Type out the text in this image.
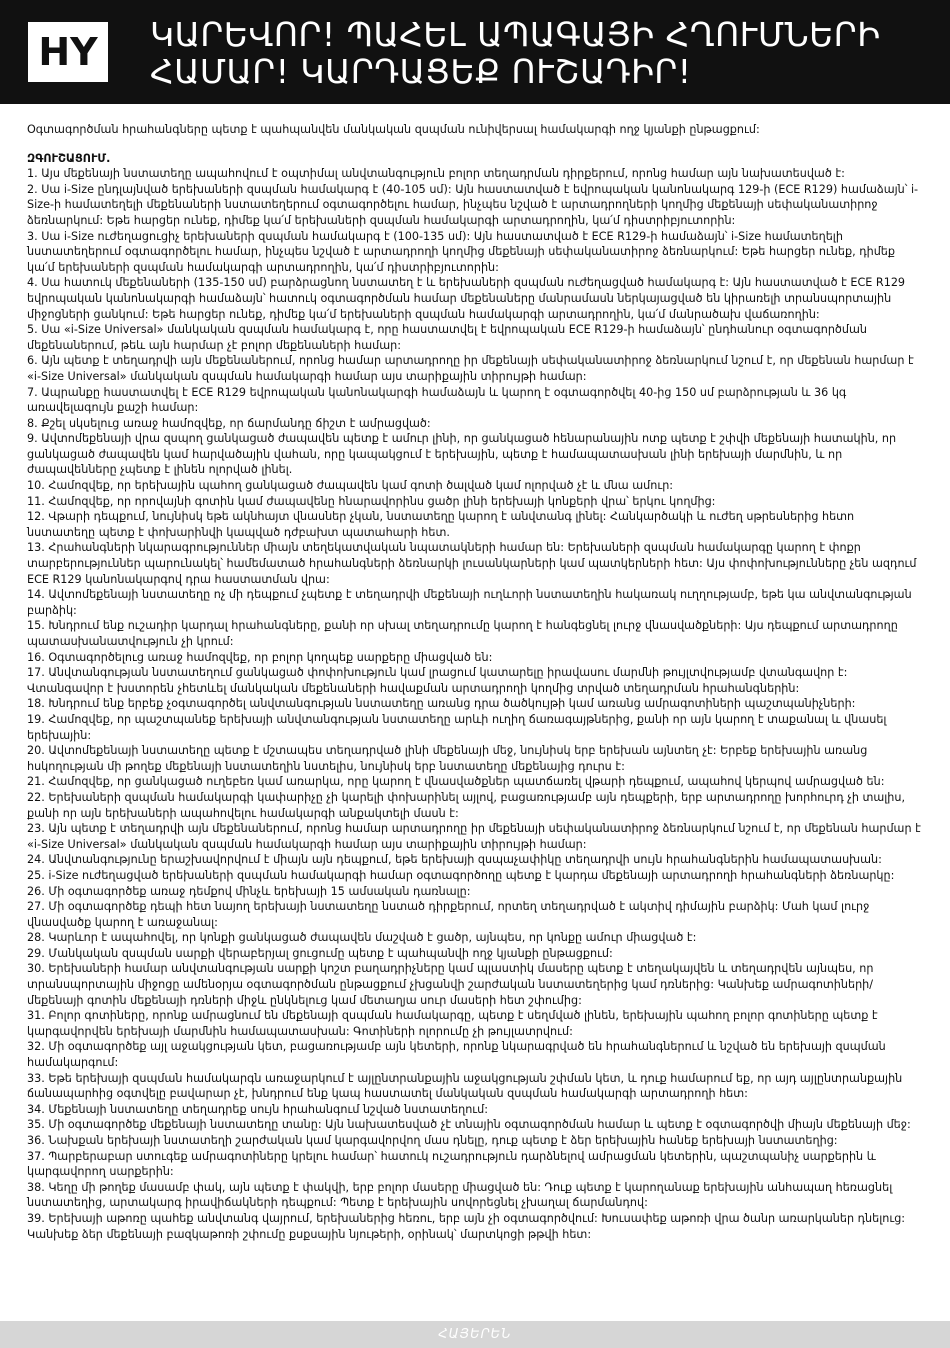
HY	ԿԱՐԵՎՈՐ! ՊԱՀԵԼ ԱՊԱԳԱՅԻ ՀՂՈՒՄՆԵՐԻ
ՀԱՄԱՐ! ԿԱՐԴԱՑԵՔ ՈՒՇԱԴԻՐ!

Օգտագործման հրահանգները պետք է պահպանվեն մանկական զսպման ունիվերսալ համակարգի ողջ կյանքի ընթացքում:

ԶԳՈՒՇԱՑՈՒՄ.

1. Այս մեքենայի նստատեղը ապահովում է օպտիմալ անվտանգություն բոլոր տեղադրման դիրքերում, որոնց համար այն նախատեսված է:
2. Սա i-Size ընդլայնված երեխաների զսպման համակարգ է (40-105 սմ): Այն հաստատված է եվրոպական կանոնակարգ 129-ի (ECE R129) համաձայն՝ i-Size-ի համատեղելի մեքենաների նստատեղերում օգտագործելու համար, ինչպես նշված է արտադրողների կողմից մեքենայի սեփականատիրոջ ձեռնարկում: Եթե հարցեր ունեք, դիմեք կա՛մ երեխաների զսպման համակարգի արտադրողին, կա՛մ դիստրիբյուտորին:
3. Սա i-Size ուժեղացուցիչ երեխաների զսպման համակարգ է (100-135 սմ): Այն հաստատված է ECE R129-ի համաձայն՝ i-Size համատեղելի նստատեղերում օգտագործելու համար, ինչպես նշված է արտադրողի կողմից մեքենայի սեփականատիրոջ ձեռնարկում: Եթե հարցեր ունեք, դիմեք կա՛մ երեխաների զսպման համակարգի արտադրողին, կա՛մ դիստրիբյուտորին:
4. Սա հատուկ մեքենաների (135-150 սմ) բարձրացնող նստատեղ է և երեխաների զսպման ուժեղացված համակարգ է: Այն հաստատված է ECE R129 եվրոպական կանոնակարգի համաձայն՝ հատուկ օգտագործման համար մեքենաները մանրամասն ներկայացված են կիրառելի տրանսպորտային միջոցների ցանկում: Եթե հարցեր ունեք, դիմեք կա՛մ երեխաների զսպման համակարգի արտադրողին, կա՛մ մանրածախ վաճառողին:
5. Սա «i-Size Universal» մանկական զսպման համակարգ է, որը հաստատվել է եվրոպական ECE R129-ի համաձայն՝ ընդհանուր օգտագործման մեքենաներում, թեև այն հարմար չէ բոլոր մեքենաների համար:
6. Այն պետք է տեղադրվի այն մեքենաներում, որոնց համար արտադրողը իր մեքենայի սեփականատիրոջ ձեռնարկում նշում է, որ մեքենան հարմար է «i-Size Universal» մանկական զսպման համակարգի համար այս տարիքային տիրույթի համար:
7. Ապրանքը հաստատվել է ECE R129 եվրոպական կանոնակարգի համաձայն և կարող է օգտագործվել 40-ից 150 սմ բարձրության և 36 կգ առավելագույն քաշի համար:
8. Քշել սկսելուց առաջ համոզվեք, որ ճարմանդը ճիշտ է ամրացված:
9. Ավտոմեքենայի վրա զսպող ցանկացած ժապավեն պետք է ամուր լինի, որ ցանկացած հենարանային ոտք պետք է շփվի մեքենայի հատակին, որ ցանկացած ժապավեն կամ հարվածային վահան, որը կապակցում է երեխային, պետք է համապատասխան լինի երեխայի մարմնին, և որ ժապավենները չպետք է լինեն ոլորված լինել.
10. Համոզվեք, որ երեխային պահող ցանկացած ժապավեն կամ գոտի ծալված կամ ոլորված չէ և մնա ամուր:
11. Համոզվեք, որ որովայնի գոտին կամ ժապավենը հնարավորինս ցածր լինի երեխայի կոնքերի վրա՝ երկու կողմից:
12. Վթարի դեպքում, նույնիսկ եթե ակնհայտ վնասներ չկան, նստատեղը կարող է անվտանգ լինել: Հանկարծակի և ուժեղ սթրեսներից հետո նստատեղը պետք է փոխարինվի կապված դժբախտ պատահարի հետ.
13. Հրահանգների նկարագրություններ միայն տեղեկատվական նպատակների համար են: Երեխաների զսպման համակարգը կարող է փոքր տարբերություններ պարունակել՝ համեմատած հրահանգների ձեռնարկի լուսանկարների կամ պատկերների հետ: Այս փոփոխությունները չեն ազդում ECE R129 կանոնակարգով դրա հաստատման վրա:
14. Ավտոմեքենայի նստատեղը ոչ մի դեպքում չպետք է տեղադրվի մեքենայի ուղևորի նստատեղին հակառակ ուղղությամբ, եթե կա անվտանգության բարձիկ:
15. Խնդրում ենք ուշադիր կարդալ հրահանգները, քանի որ սխալ տեղադրումը կարող է հանգեցնել լուրջ վնասվածքների: Այս դեպքում արտադրողը պատասխանատվություն չի կրում:
16. Օգտագործելուց առաջ համոզվեք, որ բոլոր կողպեք սարքերը միացված են:
17. Անվտանգության նստատեղում ցանկացած փոփոխություն կամ լրացում կատարելը իրավասու մարմնի թույլտվությամբ վտանգավոր է: Վտանգավոր է խստորեն չհետևել մանկական մեքենաների հավաքման արտադրողի կողմից տրված տեղադրման հրահանգներին:
18. Խնդրում ենք երբեք չօգտագործել անվտանգության նստատեղը առանց դրա ծածկույթի կամ առանց ամրագոտիների պաշտպանիչների:
19. Համոզվեք, որ պաշտպանեք երեխայի անվտանգության նստատեղը արևի ուղիղ ճառագայթներից, քանի որ այն կարող է տաքանալ և վնասել երեխային:
20. Ավտոմեքենայի նստատեղը պետք է մշտապես տեղադրված լինի մեքենայի մեջ, նույնիսկ երբ երեխան այնտեղ չէ: Երբեք երեխային առանց հսկողության մի թողեք մեքենայի նստատեղին նստելիս, նույնիսկ երբ նստատեղը մեքենայից դուրս է:
21. Համոզվեք, որ ցանկացած ուղեբեռ կամ առարկա, որը կարող է վնասվածքներ պատճառել վթարի դեպքում, ապահով կերպով ամրացված են:
22. Երեխաների զսպման համակարգի կափարիչը չի կարելի փոխարինել այլով, բացառությամբ այն դեպքերի, երբ արտադրողը խորհուրդ չի տալիս, քանի որ այն երեխաների ապահովելու համակարգի անքակտելի մասն է:
23. Այն պետք է տեղադրվի այն մեքենաներում, որոնց համար արտադրողը իր մեքենայի սեփականատիրոջ ձեռնարկում նշում է, որ մեքենան հարմար է «i-Size Universal» մանկական զսպման համակարգի համար այս տարիքային տիրույթի համար:
24. Անվտանգությունը երաշխավորվում է միայն այն դեպքում, եթե երեխայի զսպաչափիկը տեղադրվի սույն հրահանգներին համապատասխան:
25. i-Size ուժեղացված երեխաների զսպման համակարգի համար օգտագործողը պետք է կարդա մեքենայի արտադրողի հրահանգների ձեռնարկը:
26. Մի օգտագործեք առաջ դեմքով մինչև երեխայի 15 ամսական դառնալը:
27. Մի օգտագործեք դեպի հետ նայող երեխայի նստատեղը նստած դիրքերում, որտեղ տեղադրված է ակտիվ դիմային բարձիկ: Մահ կամ լուրջ վնասվածք կարող է առաջանալ:
28. Կարևոր է ապահովել, որ կոնքի ցանկացած ժապավեն մաշված է ցածր, այնպես, որ կոնքը ամուր միացված է:
29. Մանկական զսպման սարքի վերաբերյալ ցուցումը պետք է պահպանվի ողջ կյանքի ընթացքում:
30. Երեխաների համար անվտանգության սարքի կոշտ բաղադրիչները կամ պլաստիկ մասերը պետք է տեղակայվեն և տեղադրվեն այնպես, որ տրանսպորտային միջոցը ամենօրյա օգտագործման ընթացքում չխցանվի շարժական նստատեղերից կամ դռներից: Կանխեք ամրագոտիների/մեքենայի գոտին մեքենայի դռների միջև ընկնելուց կամ մետաղյա սուր մասերի հետ շփումից:
31. Բոլոր գոտիները, որոնք ամրացնում են մեքենայի զսպման համակարգը, պետք է սեղմված լինեն, երեխային պահող բոլոր գոտիները պետք է կարգավորվեն երեխայի մարմնին համապատասխան: Գոտիների ոլորումը չի թույլատրվում:
32. Մի օգտագործեք այլ աջակցության կետ, բացառությամբ այն կետերի, որոնք նկարագրված են հրահանգներում և նշված են երեխայի զսպման համակարգում:
33. Եթե երեխայի զսպման համակարգն առաջարկում է այլընտրանքային աջակցության շփման կետ, և դուք համարում եք, որ այդ այլընտրանքային ճանապարհից օգտվելը բավարար չէ, խնդրում ենք կապ հաստատել մանկական զսպման համակարգի արտադրողի հետ:
34. Մեքենայի նստատեղը տեղադրեք սույն հրահանգում նշված նստատեղում:
35. Մի օգտագործեք մեքենայի նստատեղը տանը: Այն նախատեսված չէ տնային օգտագործման համար և պետք է օգտագործվի միայն մեքենայի մեջ:
36. Նախքան երեխայի նստատեղի շարժական կամ կարգավորվող մաս դնելը, դուք պետք է ձեր երեխային հանեք երեխայի նստատեղից:
37. Պարբերաբար ստուգեք ամրագոտիները կրելու համար՝ հատուկ ուշադրություն դարձնելով ամրացման կետերին, պաշտպանիչ սարքերին և կարգավորող սարքերին:
38. Կեղը մի թողեք մասամբ փակ, այն պետք է փակվի, երբ բոլոր մասերը միացված են: Դուք պետք է կարողանաք երեխային անհապաղ հեռացնել նստատեղից, արտակարգ իրավիճակների դեպքում: Պետք է երեխային սովորեցնել չխաղալ ճարմանդով:
39. Երեխայի աթոռը պահեք անվտանգ վայրում, երեխաներից հեռու, երբ այն չի օգտագործվում: Խուսափեք աթոռի վրա ծանր առարկաներ դնելուց: Կանխեք ձեր մեքենայի բազկաթոռի շփումը քսքսային նյութերի, օրինակ՝ մարտկոցի թթվի հետ:
ՀԱՅԵՐԵՆ
